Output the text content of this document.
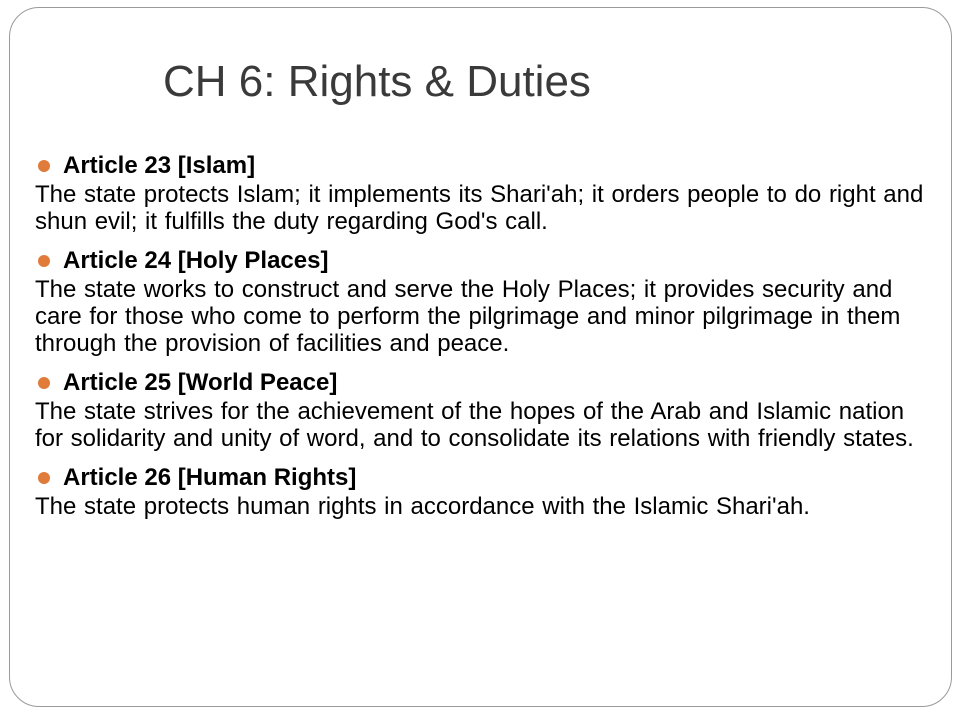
CH 6: Rights & Duties
Article 23 [Islam]
The state protects Islam; it implements its Shari'ah; it orders people to do right and shun evil; it fulfills the duty regarding God's call.
Article 24 [Holy Places]
The state works to construct and serve the Holy Places; it provides security and care for those who come to perform the pilgrimage and minor pilgrimage in them through the provision of facilities and peace.
Article 25 [World Peace]
The state strives for the achievement of the hopes of the Arab and Islamic nation for solidarity and unity of word, and to consolidate its relations with friendly states.
Article 26 [Human Rights]
The state protects human rights in accordance with the Islamic Shari'ah.
